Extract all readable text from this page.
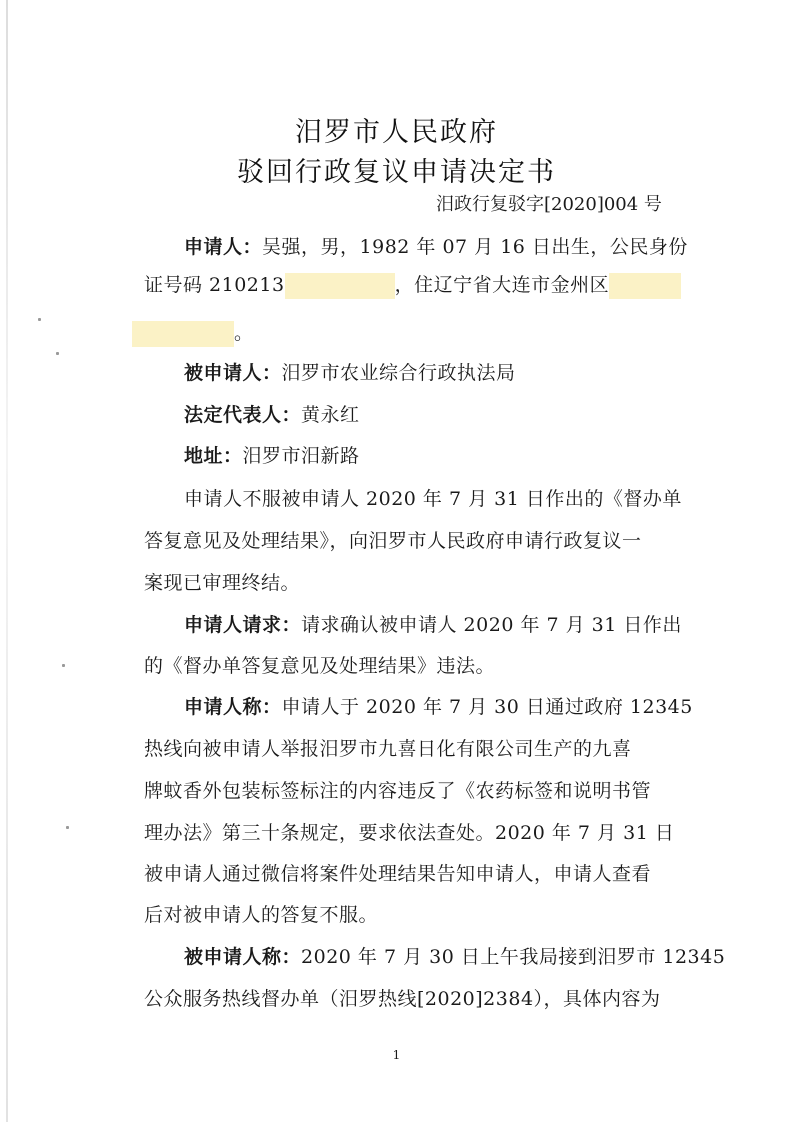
汨罗市人民政府
驳回行政复议申请决定书
汨政行复驳字[2020]004 号
申请人：吴强，男，1982 年 07 月 16 日出生，公民身份
证号码 210213	，住辽宁省大连市金州区
。
被申请人：汨罗市农业综合行政执法局
法定代表人：黄永红
地址：汨罗市汨新路
申请人不服被申请人 2020 年 7 月 31 日作出的《督办单
答复意见及处理结果》，向汨罗市人民政府申请行政复议一
案现已审理终结。
申请人请求：请求确认被申请人 2020 年 7 月 31 日作出
的《督办单答复意见及处理结果》违法。
申请人称：申请人于 2020 年 7 月 30 日通过政府 12345
热线向被申请人举报汨罗市九喜日化有限公司生产的九喜
牌蚊香外包装标签标注的内容违反了《农药标签和说明书管
理办法》第三十条规定，要求依法查处。2020 年 7 月 31 日
被申请人通过微信将案件处理结果告知申请人，申请人查看
后对被申请人的答复不服。
被申请人称：2020 年 7 月 30 日上午我局接到汨罗市 12345
公众服务热线督办单（汨罗热线[2020]2384），具体内容为
1
